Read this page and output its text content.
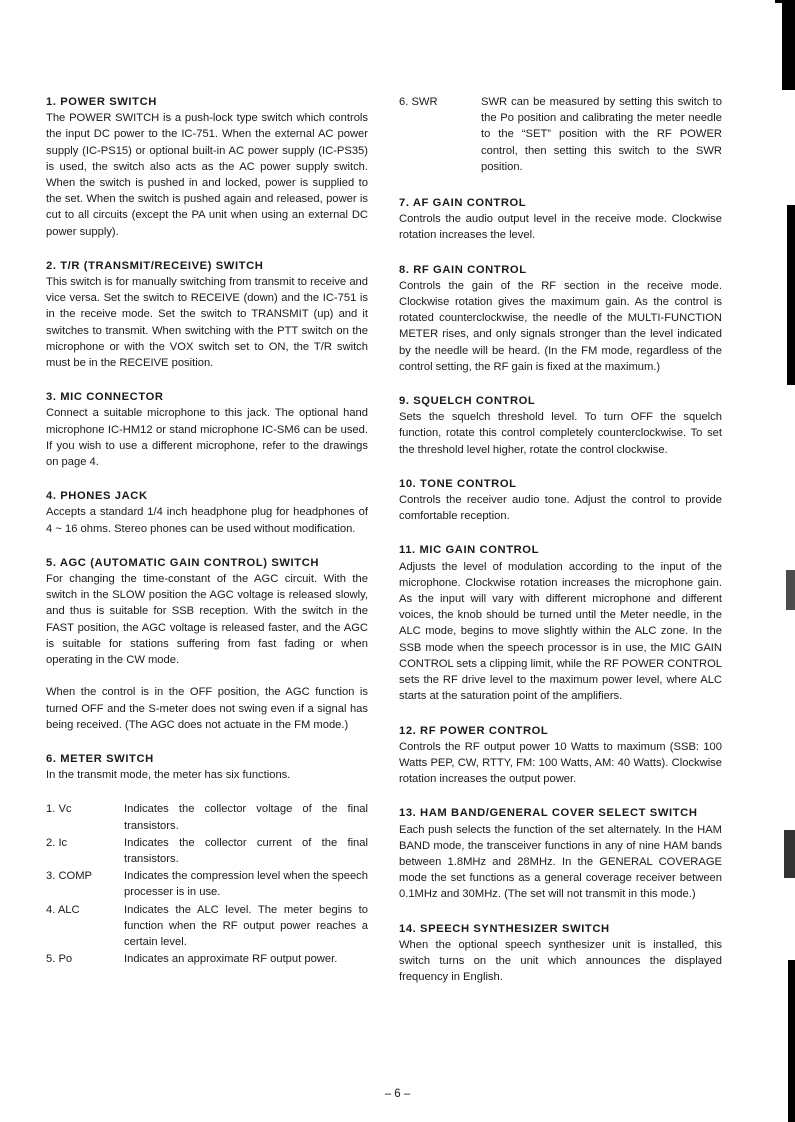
1. POWER SWITCH

The POWER SWITCH is a push-lock type switch which controls the input DC power to the IC-751. When the external AC power supply (IC-PS15) or optional built-in AC power supply (IC-PS35) is used, the switch also acts as the AC power supply switch. When the switch is pushed in and locked, power is supplied to the set. When the switch is pushed again and released, power is cut to all circuits (except the PA unit when using an external DC power supply).

2. T/R (TRANSMIT/RECEIVE) SWITCH

This switch is for manually switching from transmit to receive and vice versa. Set the switch to RECEIVE (down) and the IC-751 is in the receive mode. Set the switch to TRANSMIT (up) and it switches to transmit. When switching with the PTT switch on the microphone or with the VOX switch set to ON, the T/R switch must be in the RECEIVE position.

3. MIC CONNECTOR

Connect a suitable microphone to this jack. The optional hand microphone IC-HM12 or stand microphone IC-SM6 can be used. If you wish to use a different microphone, refer to the drawings on page 4.

4. PHONES JACK

Accepts a standard 1/4 inch headphone plug for headphones of 4 ~ 16 ohms. Stereo phones can be used without modification.

5. AGC (AUTOMATIC GAIN CONTROL) SWITCH

For changing the time-constant of the AGC circuit. With the switch in the SLOW position the AGC voltage is released slowly, and thus is suitable for SSB reception. With the switch in the FAST position, the AGC voltage is released faster, and the AGC is suitable for stations suffering from fast fading or when operating in the CW mode.

When the control is in the OFF position, the AGC function is turned OFF and the S-meter does not swing even if a signal has being received. (The AGC does not actuate in the FM mode.)

6. METER SWITCH

In the transmit mode, the meter has six functions.

1. Vc	Indicates the collector voltage of the final transistors.
2. Ic	Indicates the collector current of the final transistors.
3. COMP	Indicates the compression level when the speech processer is in use.
4. ALC	Indicates the ALC level. The meter begins to function when the RF output power reaches a certain level.
5. Po	Indicates an approximate RF output power.
6. SWR	SWR can be measured by setting this switch to the Po position and calibrating the meter needle to the “SET” position with the RF POWER control, then setting this switch to the SWR position.

7. AF GAIN CONTROL

Controls the audio output level in the receive mode. Clockwise rotation increases the level.

8. RF GAIN CONTROL

Controls the gain of the RF section in the receive mode. Clockwise rotation gives the maximum gain. As the control is rotated counterclockwise, the needle of the MULTI-FUNCTION METER rises, and only signals stronger than the level indicated by the needle will be heard. (In the FM mode, regardless of the control setting, the RF gain is fixed at the maximum.)

9. SQUELCH CONTROL

Sets the squelch threshold level. To turn OFF the squelch function, rotate this control completely counterclockwise. To set the threshold level higher, rotate the control clockwise.

10. TONE CONTROL

Controls the receiver audio tone. Adjust the control to provide comfortable reception.

11. MIC GAIN CONTROL

Adjusts the level of modulation according to the input of the microphone. Clockwise rotation increases the microphone gain. As the input will vary with different microphone and different voices, the knob should be turned until the Meter needle, in the ALC mode, begins to move slightly within the ALC zone. In the SSB mode when the speech processor is in use, the MIC GAIN CONTROL sets a clipping limit, while the RF POWER CONTROL sets the RF drive level to the maximum power level, where ALC starts at the saturation point of the amplifiers.

12. RF POWER CONTROL

Controls the RF output power 10 Watts to maximum (SSB: 100 Watts PEP, CW, RTTY, FM: 100 Watts, AM: 40 Watts). Clockwise rotation increases the output power.

13. HAM BAND/GENERAL COVER SELECT SWITCH

Each push selects the function of the set alternately. In the HAM BAND mode, the transceiver functions in any of nine HAM bands between 1.8MHz and 28MHz. In the GENERAL COVERAGE mode the set functions as a general coverage receiver between 0.1MHz and 30MHz. (The set will not transmit in this mode.)

14. SPEECH SYNTHESIZER SWITCH

When the optional speech synthesizer unit is installed, this switch turns on the unit which announces the displayed frequency in English.

– 6 –
